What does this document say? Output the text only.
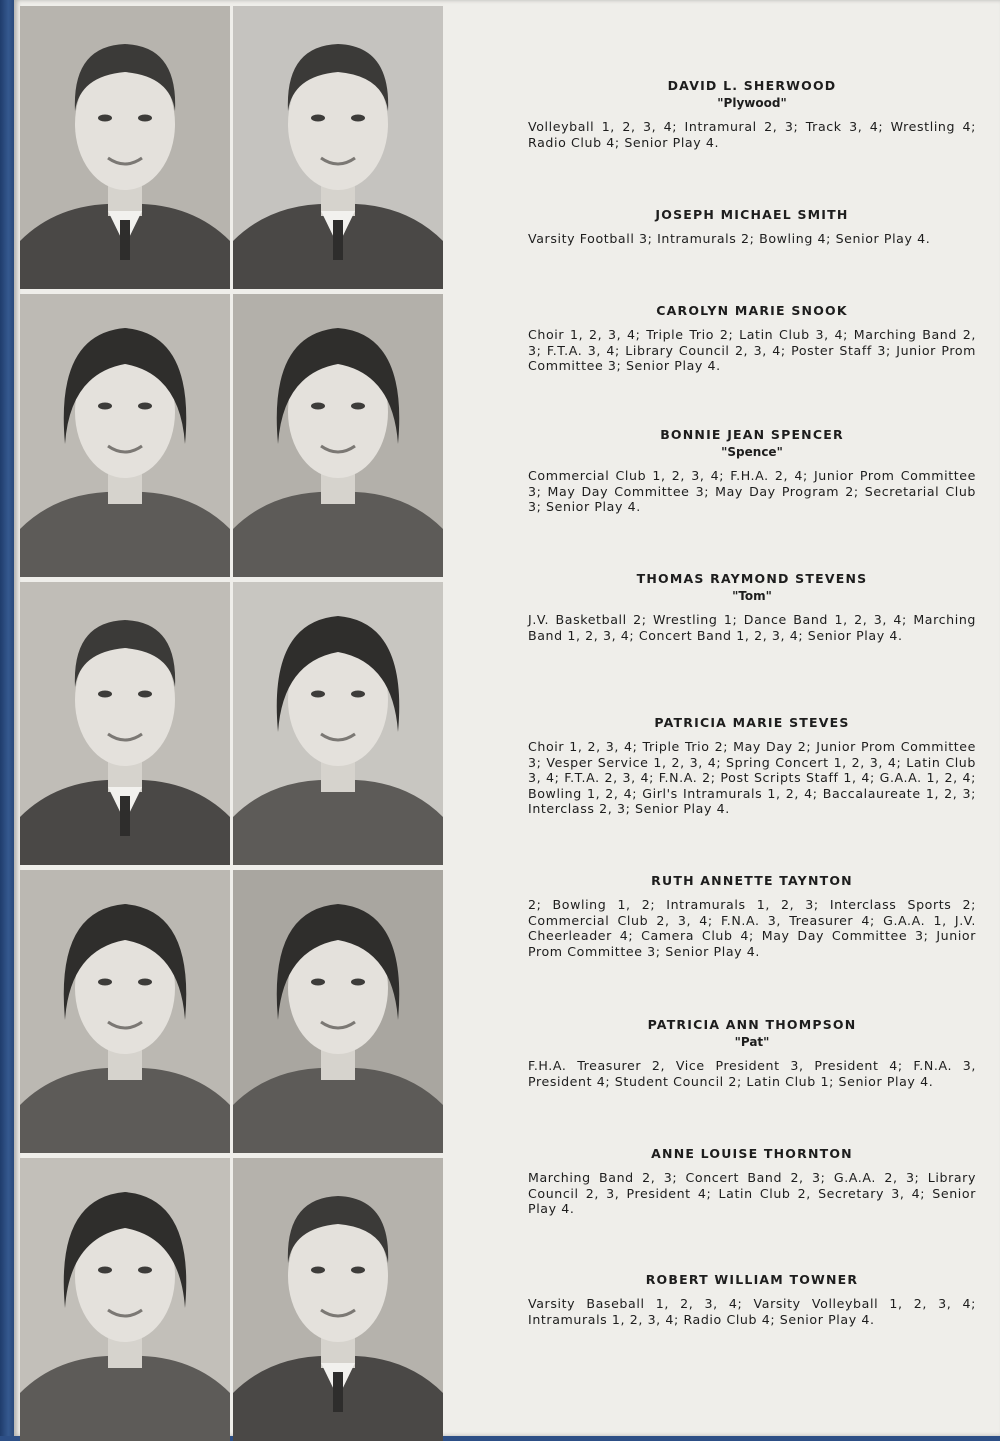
DAVID L. SHERWOOD

"Plywood"

Volleyball 1, 2, 3, 4; Intramural 2, 3; Track 3, 4; Wrestling 4; Radio Club 4; Senior Play 4.

JOSEPH MICHAEL SMITH

Varsity Football 3; Intramurals 2; Bowling 4; Senior Play 4.

CAROLYN MARIE SNOOK

Choir 1, 2, 3, 4; Triple Trio 2; Latin Club 3, 4; Marching Band 2, 3; F.T.A. 3, 4; Library Council 2, 3, 4; Poster Staff 3; Junior Prom Committee 3; Senior Play 4.

BONNIE JEAN SPENCER

"Spence"

Commercial Club 1, 2, 3, 4; F.H.A. 2, 4; Junior Prom Committee 3; May Day Committee 3; May Day Program 2; Secretarial Club 3; Senior Play 4.

THOMAS RAYMOND STEVENS

"Tom"

J.V. Basketball 2; Wrestling 1; Dance Band 1, 2, 3, 4; Marching Band 1, 2, 3, 4; Concert Band 1, 2, 3, 4; Senior Play 4.

PATRICIA MARIE STEVES

Choir 1, 2, 3, 4; Triple Trio 2; May Day 2; Junior Prom Committee 3; Vesper Service 1, 2, 3, 4; Spring Concert 1, 2, 3, 4; Latin Club 3, 4; F.T.A. 2, 3, 4; F.N.A. 2; Post Scripts Staff 1, 4; G.A.A. 1, 2, 4; Bowling 1, 2, 4; Girl's Intramurals 1, 2, 4; Baccalaureate 1, 2, 3; Interclass 2, 3; Senior Play 4.

RUTH ANNETTE TAYNTON

2; Bowling 1, 2; Intramurals 1, 2, 3; Interclass Sports 2; Commercial Club 2, 3, 4; F.N.A. 3, Treasurer 4; G.A.A. 1, J.V. Cheerleader 4; Camera Club 4; May Day Committee 3; Junior Prom Committee 3; Senior Play 4.

PATRICIA ANN THOMPSON

"Pat"

F.H.A. Treasurer 2, Vice President 3, President 4; F.N.A. 3, President 4; Student Council 2; Latin Club 1; Senior Play 4.

ANNE LOUISE THORNTON

Marching Band 2, 3; Concert Band 2, 3; G.A.A. 2, 3; Library Council 2, 3, President 4; Latin Club 2, Secretary 3, 4; Senior Play 4.

ROBERT WILLIAM TOWNER

Varsity Baseball 1, 2, 3, 4; Varsity Volleyball 1, 2, 3, 4; Intramurals 1, 2, 3, 4; Radio Club 4; Senior Play 4.
